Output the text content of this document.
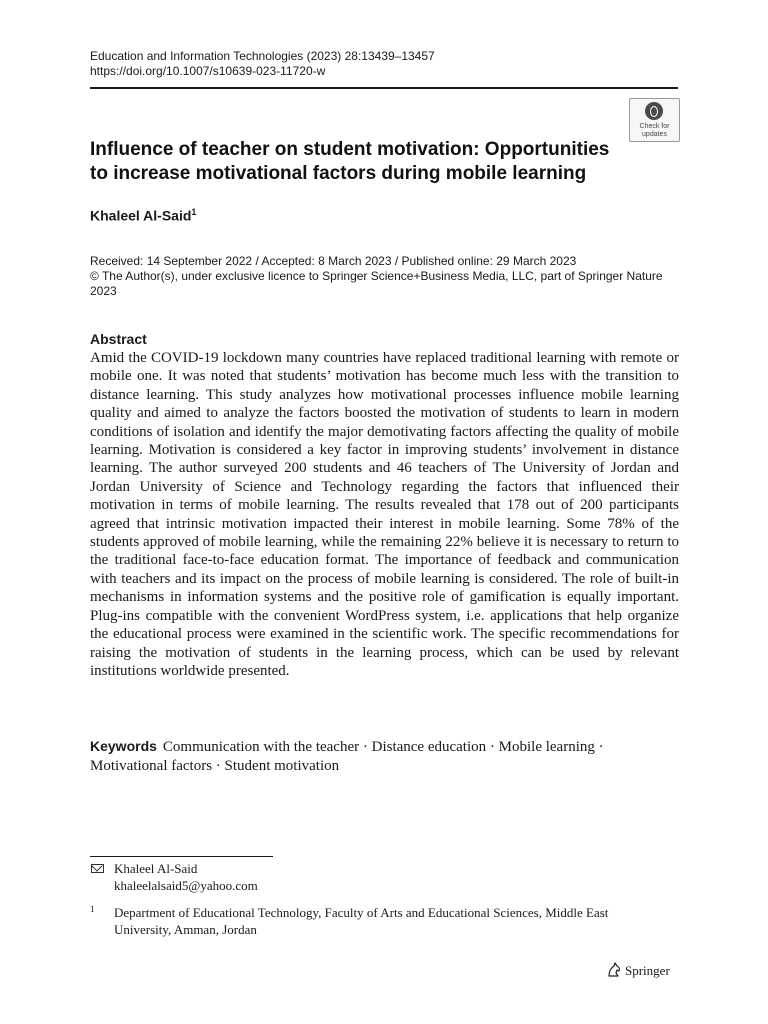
Education and Information Technologies (2023) 28:13439–13457
https://doi.org/10.1007/s10639-023-11720-w
Check for updates
Influence of teacher on student motivation: Opportunities to increase motivational factors during mobile learning
Khaleel Al-Said$^1$
Received: 14 September 2022 / Accepted: 8 March 2023 / Published online: 29 March 2023
© The Author(s), under exclusive licence to Springer Science+Business Media, LLC, part of Springer Nature 2023
Abstract
Amid the COVID-19 lockdown many countries have replaced traditional learning with remote or mobile one. It was noted that students’ motivation has become much less with the transition to distance learning. This study analyzes how motivational processes influence mobile learning quality and aimed to analyze the factors boosted the motivation of students to learn in modern conditions of isolation and identify the major demotivating factors affecting the quality of mobile learning. Motivation is considered a key factor in improving students’ involvement in distance learning. The author surveyed 200 students and 46 teachers of The University of Jordan and Jordan University of Science and Technology regarding the factors that influenced their motivation in terms of mobile learning. The results revealed that 178 out of 200 participants agreed that intrinsic motivation impacted their interest in mobile learning. Some 78% of the students approved of mobile learning, while the remaining 22% believe it is necessary to return to the traditional face-to-face education format. The importance of feedback and communication with teachers and its impact on the process of mobile learning is considered. The role of built-in mechanisms in information systems and the positive role of gamification is equally important. Plug-ins compatible with the convenient WordPress system, i.e. applications that help organize the educational process were examined in the scientific work. The specific recommendations for raising the motivation of students in the learning process, which can be used by relevant institutions worldwide presented.
Keywords Communication with the teacher · Distance education · Mobile learning · Motivational factors · Student motivation
Khaleel Al-Said
khaleelalsaid5@yahoo.com
1 Department of Educational Technology, Faculty of Arts and Educational Sciences, Middle East University, Amman, Jordan
Springer
